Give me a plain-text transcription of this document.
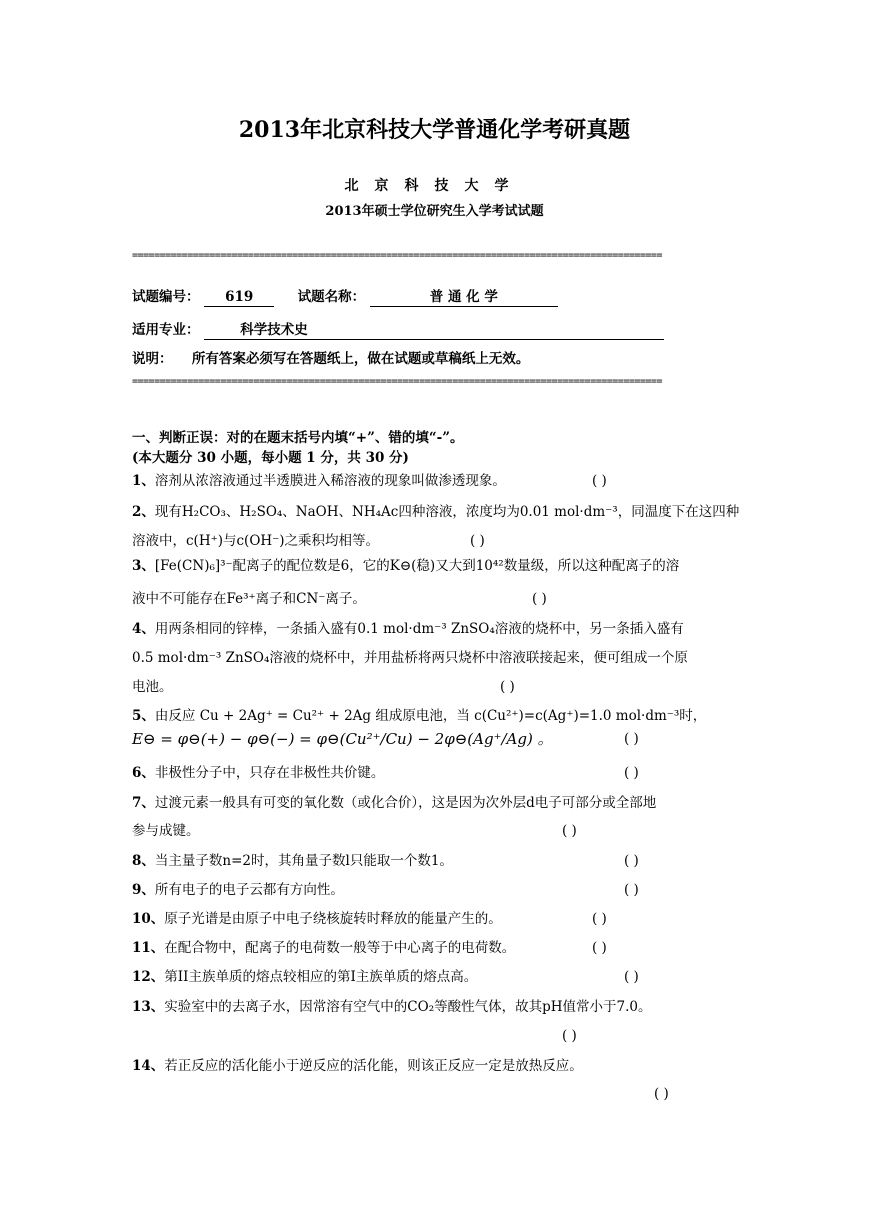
2013年北京科技大学普通化学考研真题
北京科技大学
2013年硕士学位研究生入学考试试题
================================================================================================
试题编号： 619	试题名称：	普 通 化 学
适用专业：	科学技术史
说明： 所有答案必须写在答题纸上，做在试题或草稿纸上无效。
================================================================================================
一、判断正误：对的在题末括号内填“+”、错的填“-”。
(本大题分 30 小题，每小题 1 分，共 30 分)
1、溶剂从浓溶液通过半透膜进入稀溶液的现象叫做渗透现象。	( )
2、现有H₂CO₃、H₂SO₄、NaOH、NH₄Ac四种溶液，浓度均为0.01 mol·dm⁻³，同温度下在这四种
溶液中，c(H⁺)与c(OH⁻)之乘积均相等。	( )
3、[Fe(CN)₆]³⁻配离子的配位数是6，它的K⊖(稳)又大到10⁴²数量级，所以这种配离子的溶
液中不可能存在Fe³⁺离子和CN⁻离子。	( )
4、用两条相同的锌棒，一条插入盛有0.1 mol·dm⁻³ ZnSO₄溶液的烧杯中，另一条插入盛有
0.5 mol·dm⁻³ ZnSO₄溶液的烧杯中，并用盐桥将两只烧杯中溶液联接起来，便可组成一个原
电池。	( )
5、由反应 Cu + 2Ag⁺ = Cu²⁺ + 2Ag 组成原电池，当 c(Cu²⁺)=c(Ag⁺)=1.0 mol·dm⁻³时，
E⊖ = φ⊖(+) − φ⊖(−) = φ⊖(Cu²⁺/Cu) − 2φ⊖(Ag⁺/Ag) 。	( )
6、非极性分子中，只存在非极性共价键。	( )
7、过渡元素一般具有可变的氧化数（或化合价），这是因为次外层d电子可部分或全部地
参与成键。	( )
8、当主量子数n=2时，其角量子数l只能取一个数1。	( )
9、所有电子的电子云都有方向性。	( )
10、原子光谱是由原子中电子绕核旋转时释放的能量产生的。	( )
11、在配合物中，配离子的电荷数一般等于中心离子的电荷数。	( )
12、第II主族单质的熔点较相应的第I主族单质的熔点高。	( )
13、实验室中的去离子水，因常溶有空气中的CO₂等酸性气体，故其pH值常小于7.0。
( )
14、若正反应的活化能小于逆反应的活化能，则该正反应一定是放热反应。
( )
